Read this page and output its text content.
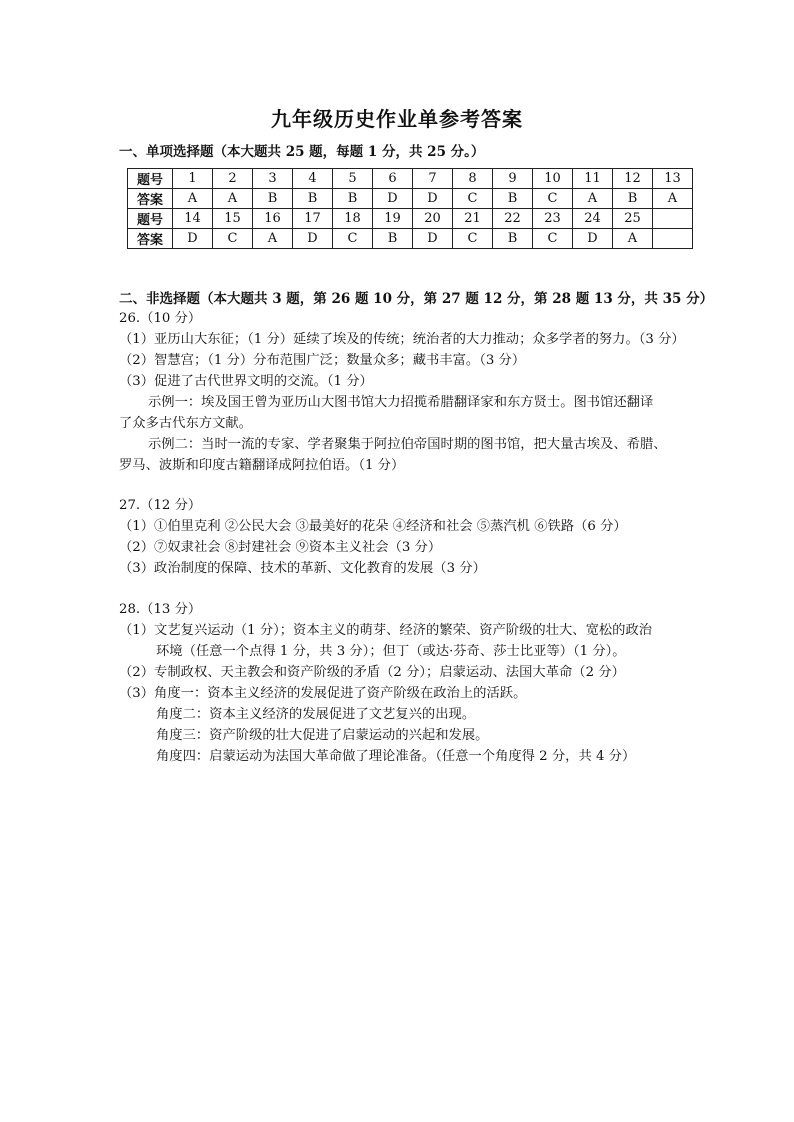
九年级历史作业单参考答案
一、单项选择题（本大题共 25 题，每题 1 分，共 25 分。）
题号	1	2	3	4	5	6	7	8	9	10	11	12	13
答案	A	A	B	B	B	D	D	C	B	C	A	B	A
题号	14	15	16	17	18	19	20	21	22	23	24	25	
答案	D	C	A	D	C	B	D	C	B	C	D	A	
二、非选择题（本大题共 3 题，第 26 题 10 分，第 27 题 12 分，第 28 题 13 分，共 35 分）
26.（10 分）
（1）亚历山大东征；（1 分）延续了埃及的传统；统治者的大力推动；众多学者的努力。（3 分）
（2）智慧宫；（1 分）分布范围广泛；数量众多；藏书丰富。（3 分）
（3）促进了古代世界文明的交流。（1 分）
示例一：埃及国王曾为亚历山大图书馆大力招揽希腊翻译家和东方贤士。图书馆还翻译
了众多古代东方文献。
示例二：当时一流的专家、学者聚集于阿拉伯帝国时期的图书馆，把大量古埃及、希腊、
罗马、波斯和印度古籍翻译成阿拉伯语。（1 分）
27.（12 分）
（1）①伯里克利 ②公民大会 ③最美好的花朵 ④经济和社会 ⑤蒸汽机 ⑥铁路（6 分）
（2）⑦奴隶社会 ⑧封建社会 ⑨资本主义社会（3 分）
（3）政治制度的保障、技术的革新、文化教育的发展（3 分）
28.（13 分）
（1）文艺复兴运动（1 分）；资本主义的萌芽、经济的繁荣、资产阶级的壮大、宽松的政治
环境（任意一个点得 1 分，共 3 分）；但丁（或达·芬奇、莎士比亚等）（1 分）。
（2）专制政权、天主教会和资产阶级的矛盾（2 分）；启蒙运动、法国大革命（2 分）
（3）角度一：资本主义经济的发展促进了资产阶级在政治上的活跃。
角度二：资本主义经济的发展促进了文艺复兴的出现。
角度三：资产阶级的壮大促进了启蒙运动的兴起和发展。
角度四：启蒙运动为法国大革命做了理论准备。（任意一个角度得 2 分，共 4 分）
